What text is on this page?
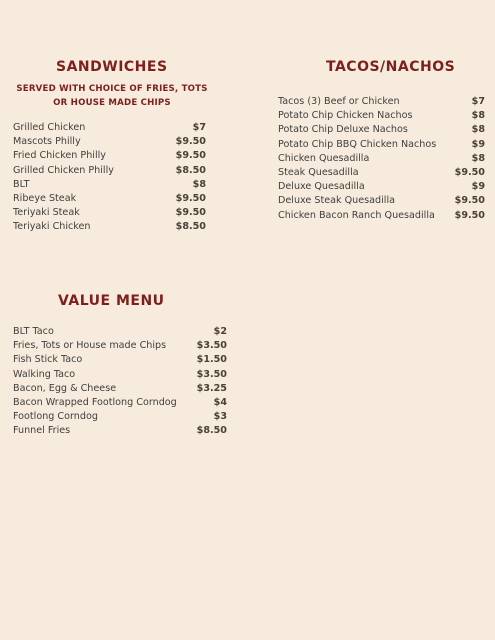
SANDWICHES
SERVED WITH CHOICE OF FRIES, TOTS
OR HOUSE MADE CHIPS
Grilled Chicken	$7
Mascots Philly	$9.50
Fried Chicken Philly	$9.50
Grilled Chicken Philly	$8.50
BLT	$8
Ribeye Steak	$9.50
Teriyaki Steak	$9.50
Teriyaki Chicken	$8.50
TACOS/NACHOS
Tacos (3) Beef or Chicken	$7
Potato Chip Chicken Nachos	$8
Potato Chip Deluxe Nachos	$8
Potato Chip BBQ Chicken Nachos	$9
Chicken Quesadilla	$8
Steak Quesadilla	$9.50
Deluxe Quesadilla	$9
Deluxe Steak Quesadilla	$9.50
Chicken Bacon Ranch Quesadilla $9.50
VALUE MENU
BLT Taco	$2
Fries, Tots or House made Chips	$3.50
Fish Stick Taco	$1.50
Walking Taco	$3.50
Bacon, Egg & Cheese	$3.25
Bacon Wrapped Footlong Corndog	$4
Footlong Corndog	$3
Funnel Fries	$8.50
